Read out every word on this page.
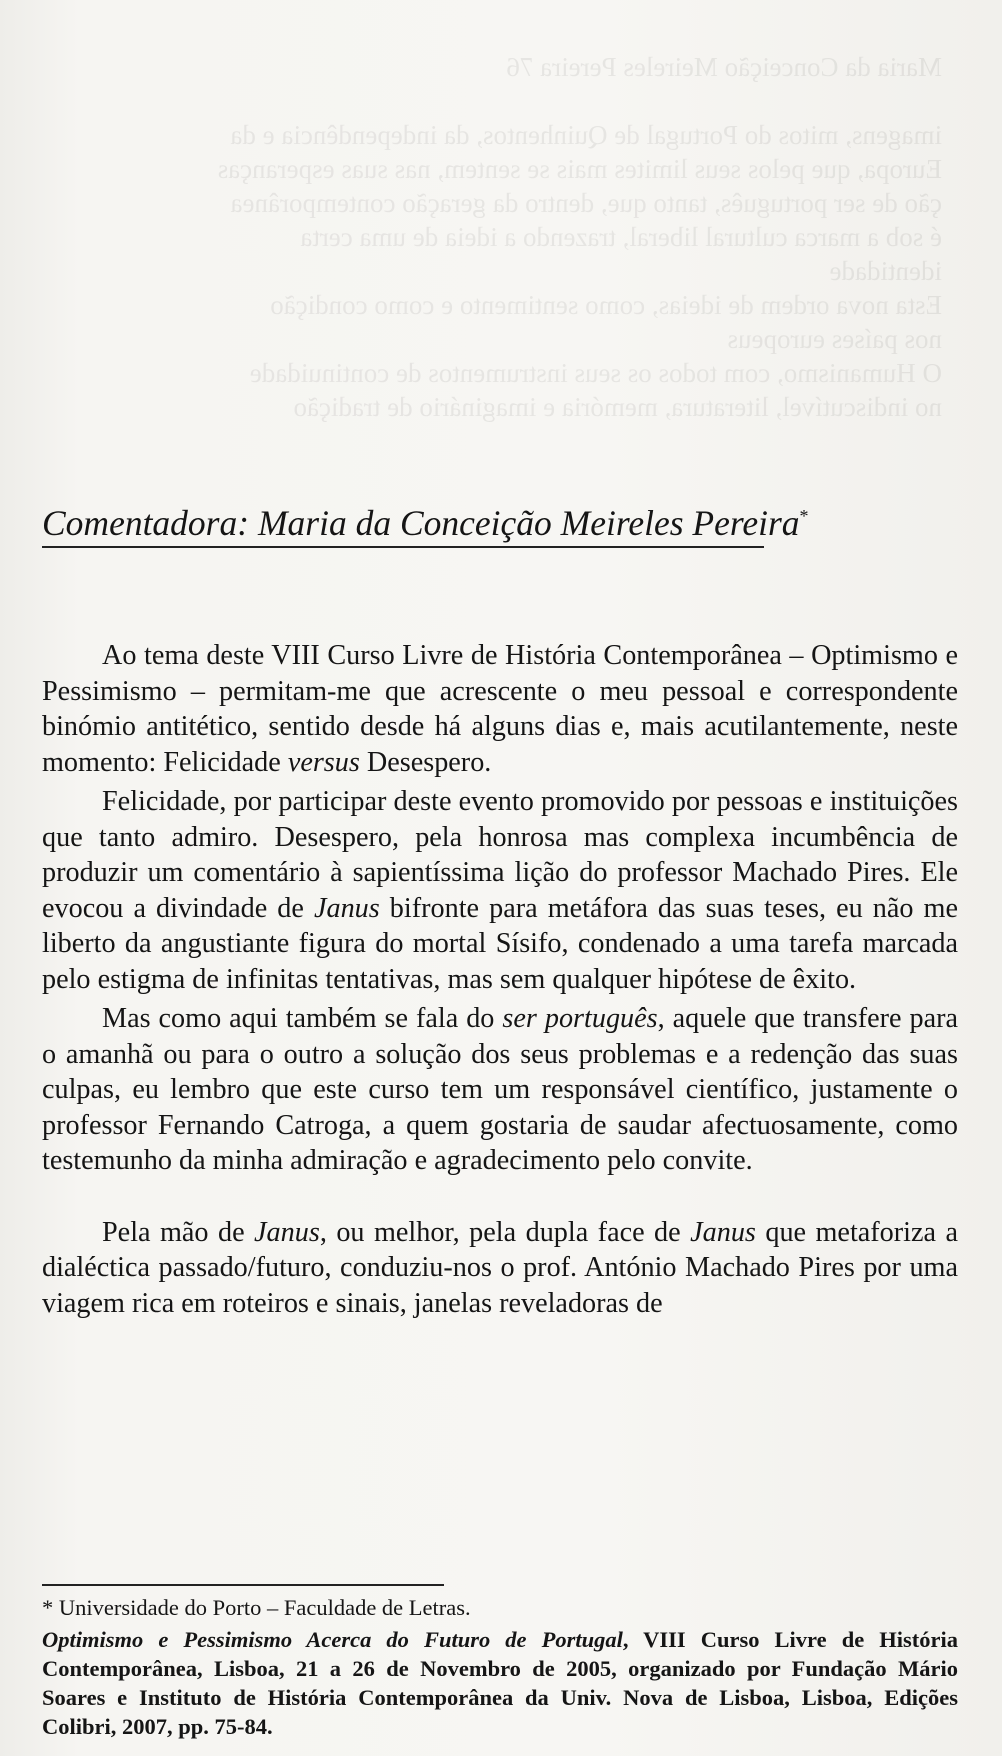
Maria da Conceição Meireles Pereira 76

imagens, mitos do Portugal de Quinhentos, da independência e da
Europa, que pelos seus limites mais se sentem, nas suas esperanças
ção de ser português, tanto que, dentro da geração contemporânea
é sob a marca cultural liberal, trazendo a ideia de uma certa
identidade
Esta nova ordem de ideias, como sentimento e como condição
nos países europeus
O Humanismo, com todos os seus instrumentos de continuidade
no indiscutível, literatura, memória e imaginário de tradição
Comentadora: Maria da Conceição Meireles Pereira*

Ao tema deste VIII Curso Livre de História Contemporânea – Optimismo e Pessimismo – permitam-me que acrescente o meu pessoal e correspondente binómio antitético, sentido desde há alguns dias e, mais acutilantemente, neste momento: Felicidade versus Desespero.

Felicidade, por participar deste evento promovido por pessoas e instituições que tanto admiro. Desespero, pela honrosa mas complexa incumbência de produzir um comentário à sapientíssima lição do professor Machado Pires. Ele evocou a divindade de Janus bifronte para metáfora das suas teses, eu não me liberto da angustiante figura do mortal Sísifo, condenado a uma tarefa marcada pelo estigma de infinitas tentativas, mas sem qualquer hipótese de êxito.

Mas como aqui também se fala do ser português, aquele que transfere para o amanhã ou para o outro a solução dos seus problemas e a redenção das suas culpas, eu lembro que este curso tem um responsável científico, justamente o professor Fernando Catroga, a quem gostaria de saudar afectuosamente, como testemunho da minha admiração e agradecimento pelo convite.

Pela mão de Janus, ou melhor, pela dupla face de Janus que metaforiza a dialéctica passado/futuro, conduziu-nos o prof. António Machado Pires por uma viagem rica em roteiros e sinais, janelas reveladoras de

* Universidade do Porto – Faculdade de Letras.
Optimismo e Pessimismo Acerca do Futuro de Portugal, VIII Curso Livre de História Contemporânea, Lisboa, 21 a 26 de Novembro de 2005, organizado por Fundação Mário Soares e Instituto de História Contemporânea da Univ. Nova de Lisboa, Lisboa, Edições Colibri, 2007, pp. 75-84.
